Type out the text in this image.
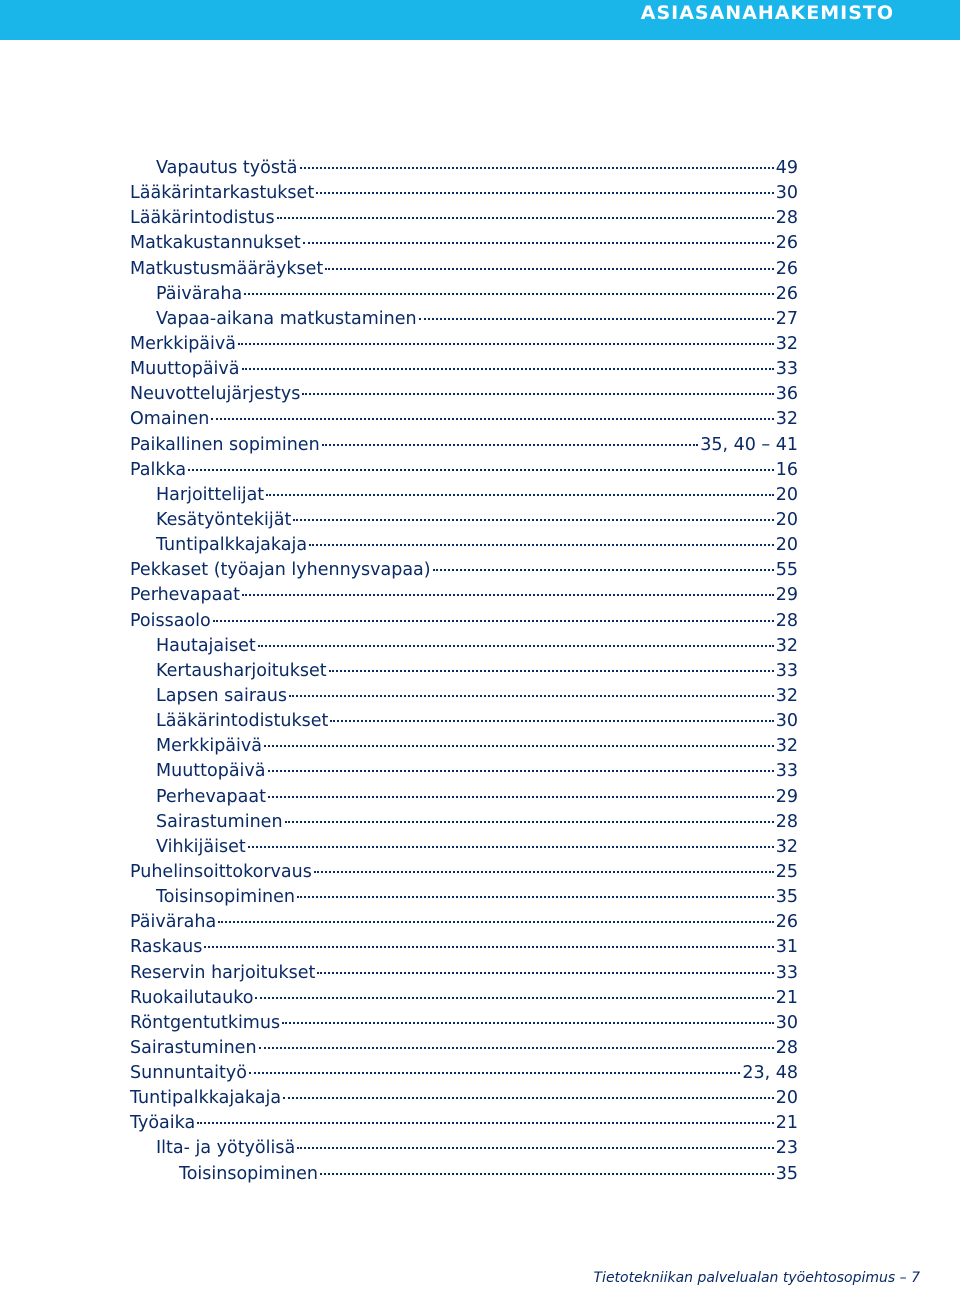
ASIASANAHAKEMISTO
Vapautus työstä	49
Lääkärintarkastukset	30
Lääkärintodistus	28
Matkakustannukset	26
Matkustusmääräykset	26
Päiväraha	26
Vapaa-aikana matkustaminen	27
Merkkipäivä	32
Muuttopäivä	33
Neuvottelujärjestys	36
Omainen	32
Paikallinen sopiminen	35, 40 – 41
Palkka	16
Harjoittelijat	20
Kesätyöntekijät	20
Tuntipalkkajakaja	20
Pekkaset (työajan lyhennysvapaa)	55
Perhevapaat	29
Poissaolo	28
Hautajaiset	32
Kertausharjoitukset	33
Lapsen sairaus	32
Lääkärintodistukset	30
Merkkipäivä	32
Muuttopäivä	33
Perhevapaat	29
Sairastuminen	28
Vihkijäiset	32
Puhelinsoittokorvaus	25
Toisinsopiminen	35
Päiväraha	26
Raskaus	31
Reservin harjoitukset	33
Ruokailutauko	21
Röntgentutkimus	30
Sairastuminen	28
Sunnuntaityö	23, 48
Tuntipalkkajakaja	20
Työaika	21
Ilta- ja yötyölisä	23
Toisinsopiminen	35
Tietotekniikan palvelualan työehtosopimus – 7
